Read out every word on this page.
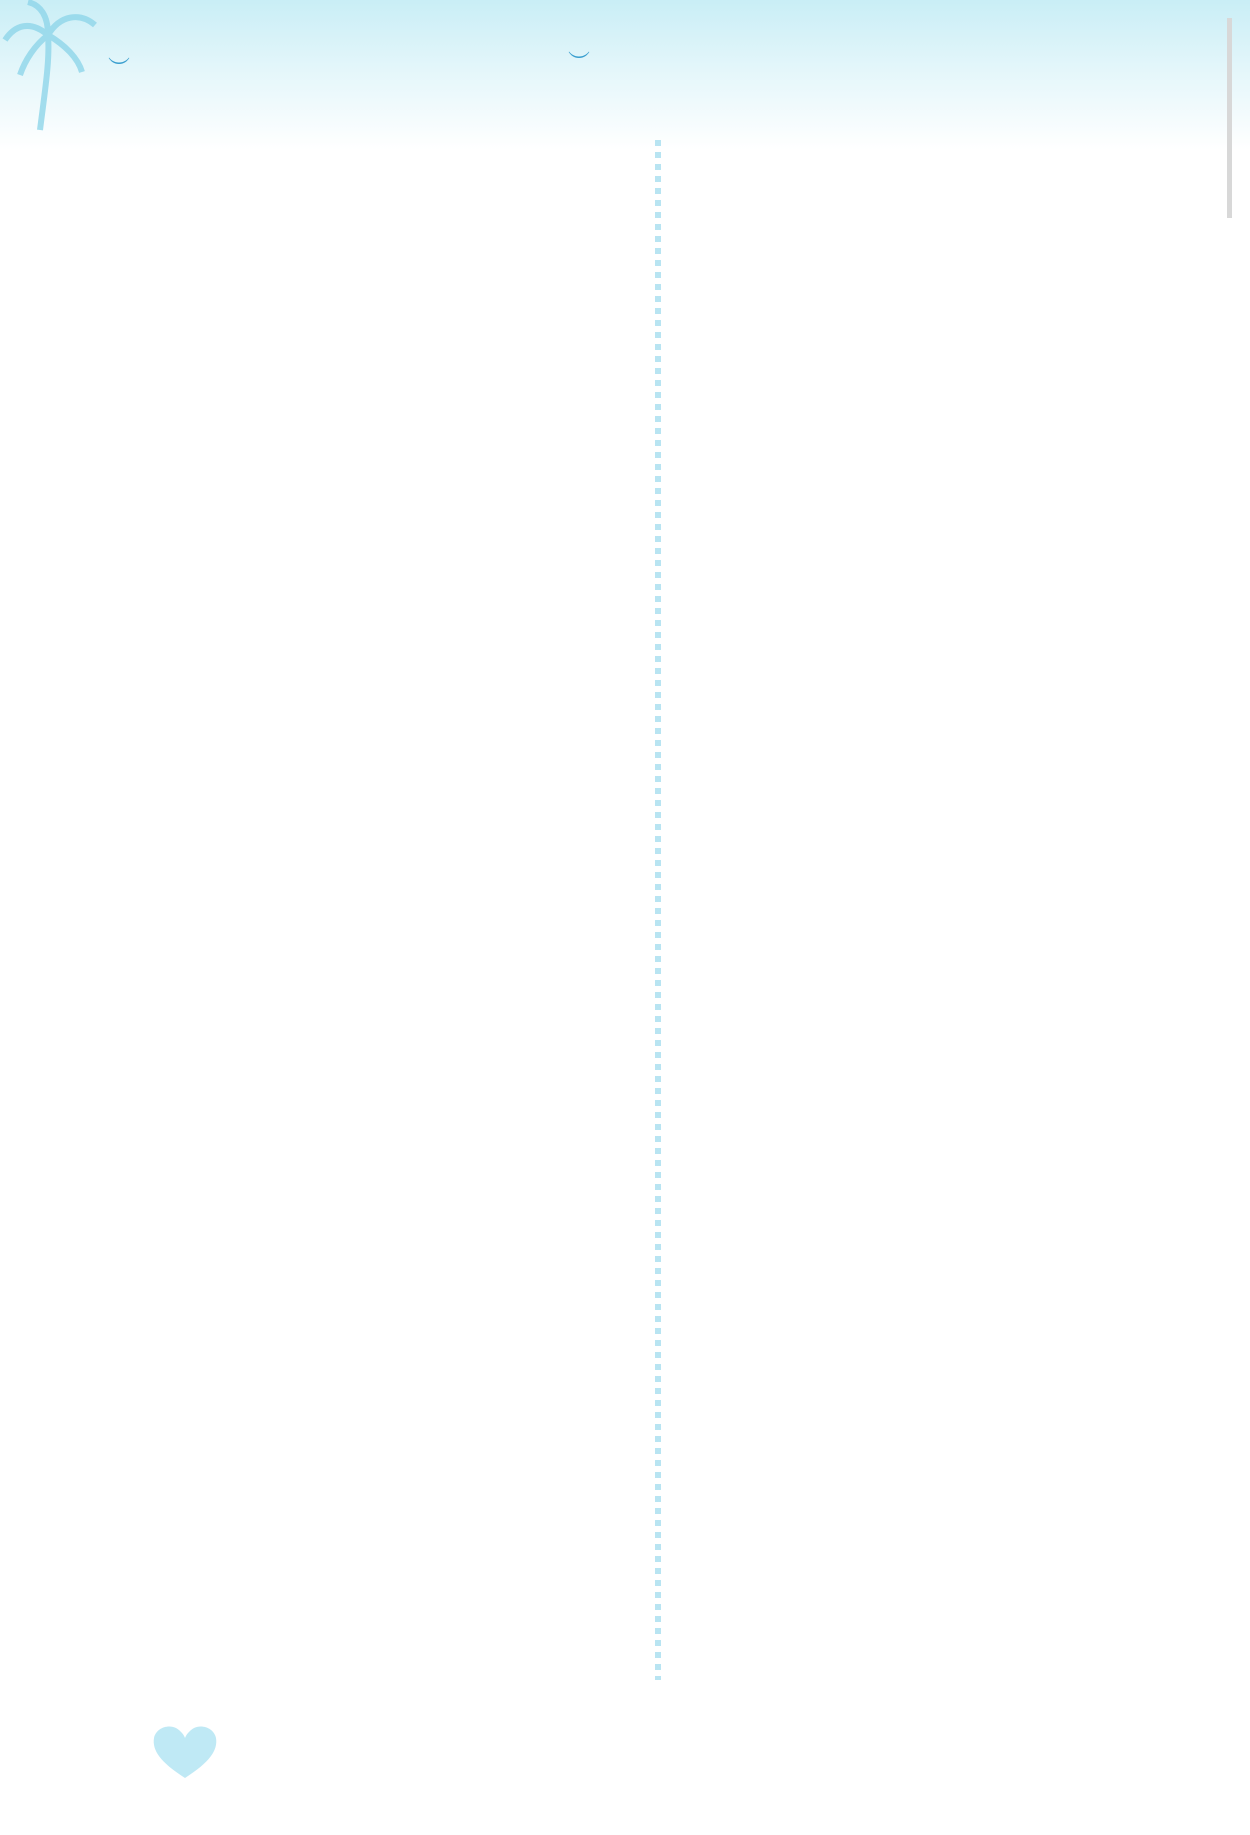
︶	︶
